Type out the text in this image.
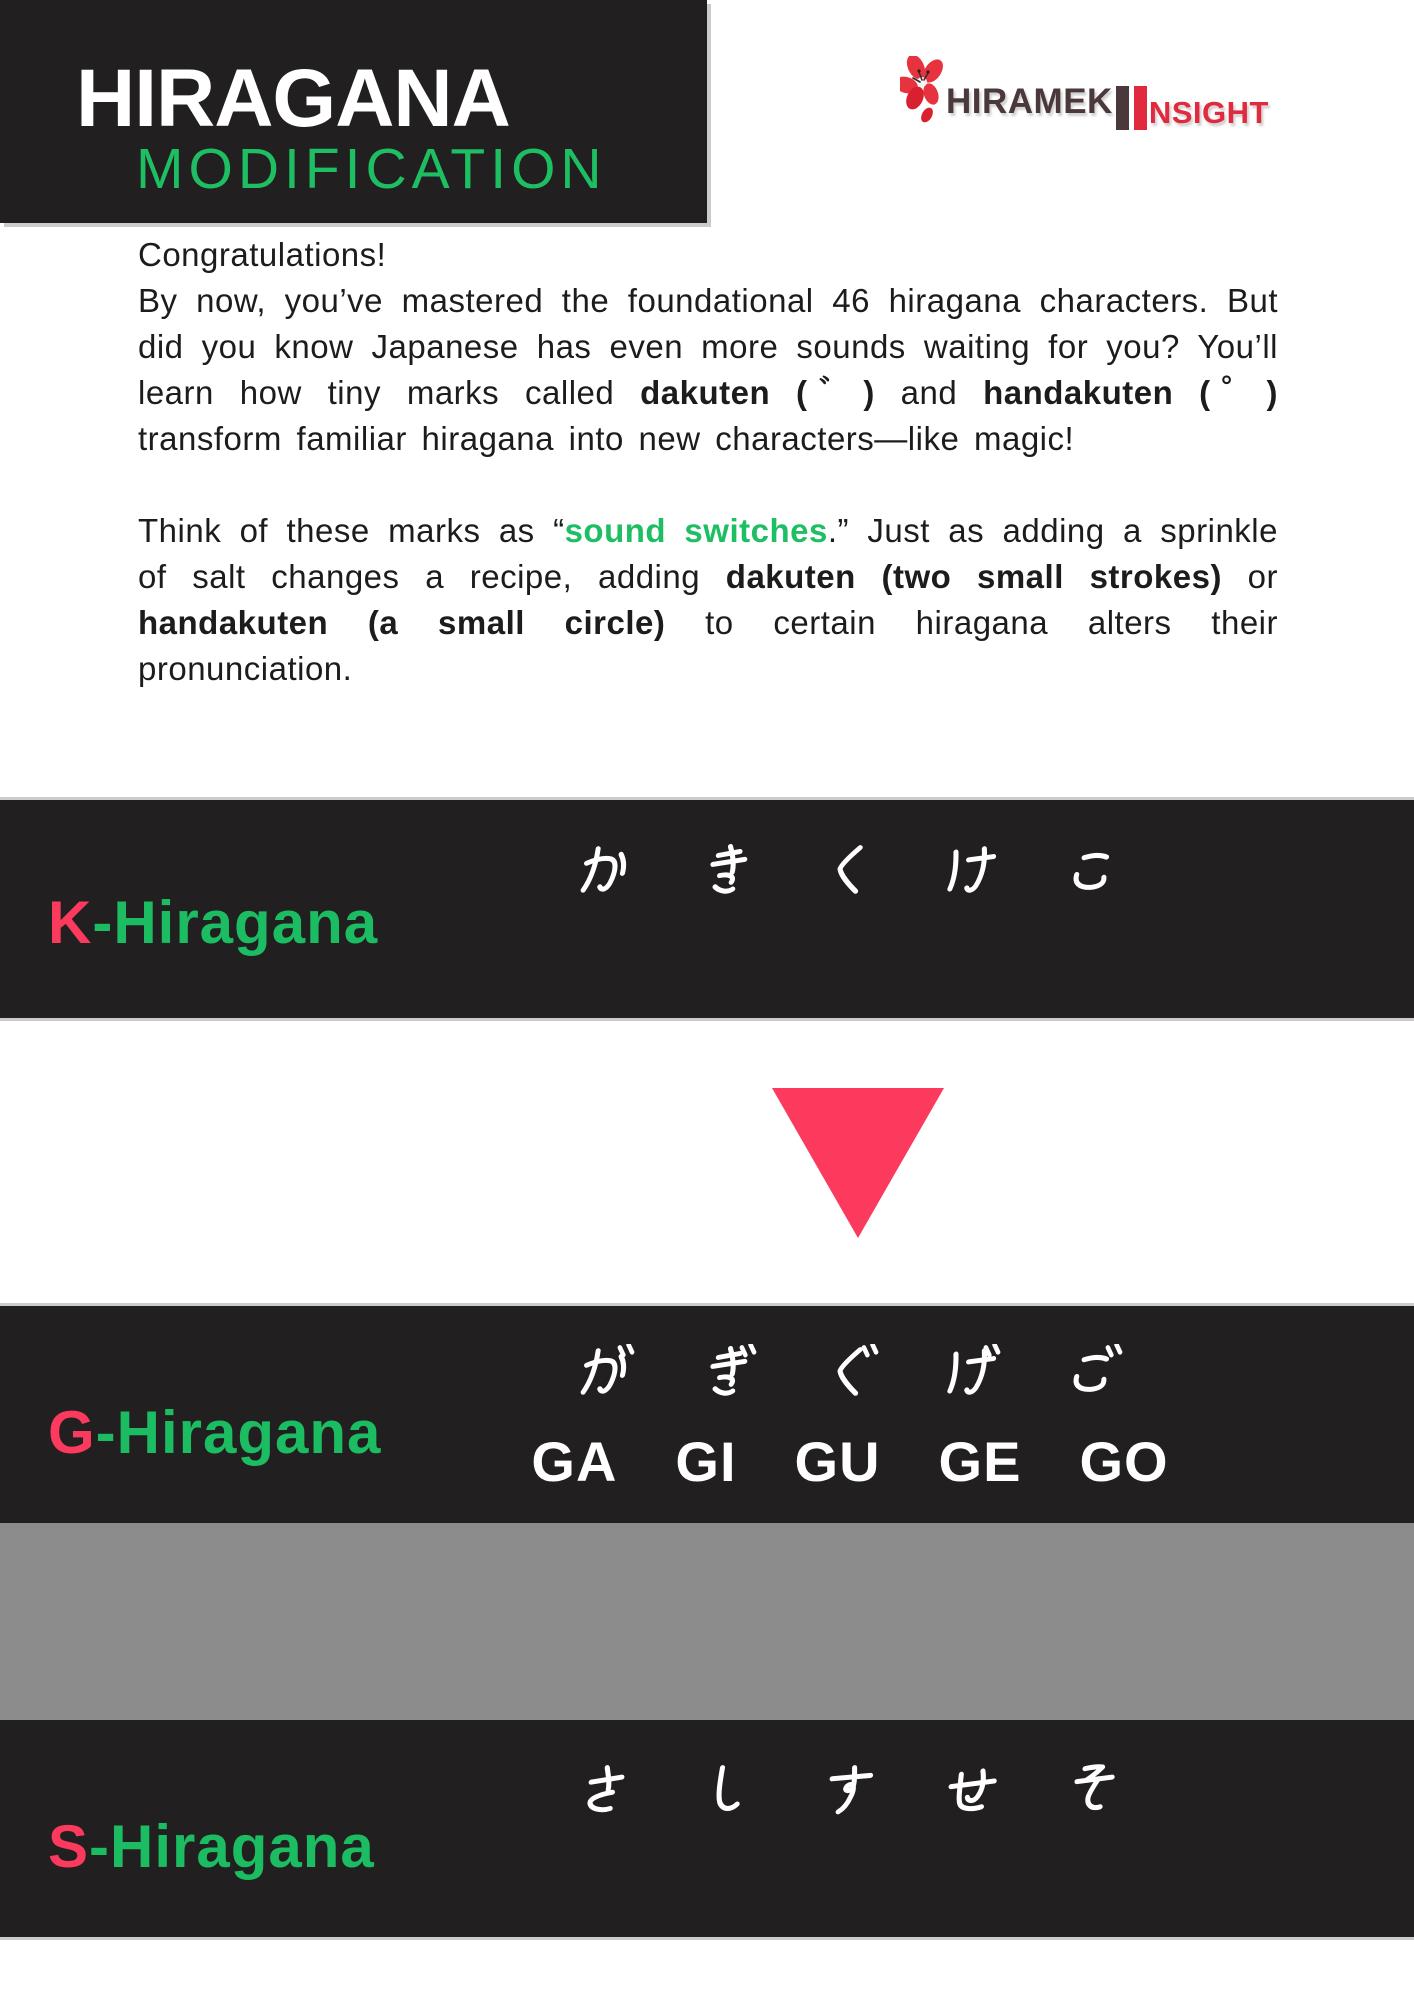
HIRAGANA
MODIFICATION
HIRAMEK NSIGHT

Congratulations!

By now, you’ve mastered the foundational 46 hiragana characters. But did you know Japanese has even more sounds waiting for you? You’ll learn how tiny marks called dakuten (゛) and handakuten (゜) transform familiar hiragana into new characters—like magic!

Think of these marks as “sound switches.” Just as adding a sprinkle of salt changes a recipe, adding dakuten (two small strokes) or handakuten (a small circle) to certain hiragana alters their pronunciation.

K-Hiragana
G-Hiragana	GA GI GU GE GO
S-Hiragana
